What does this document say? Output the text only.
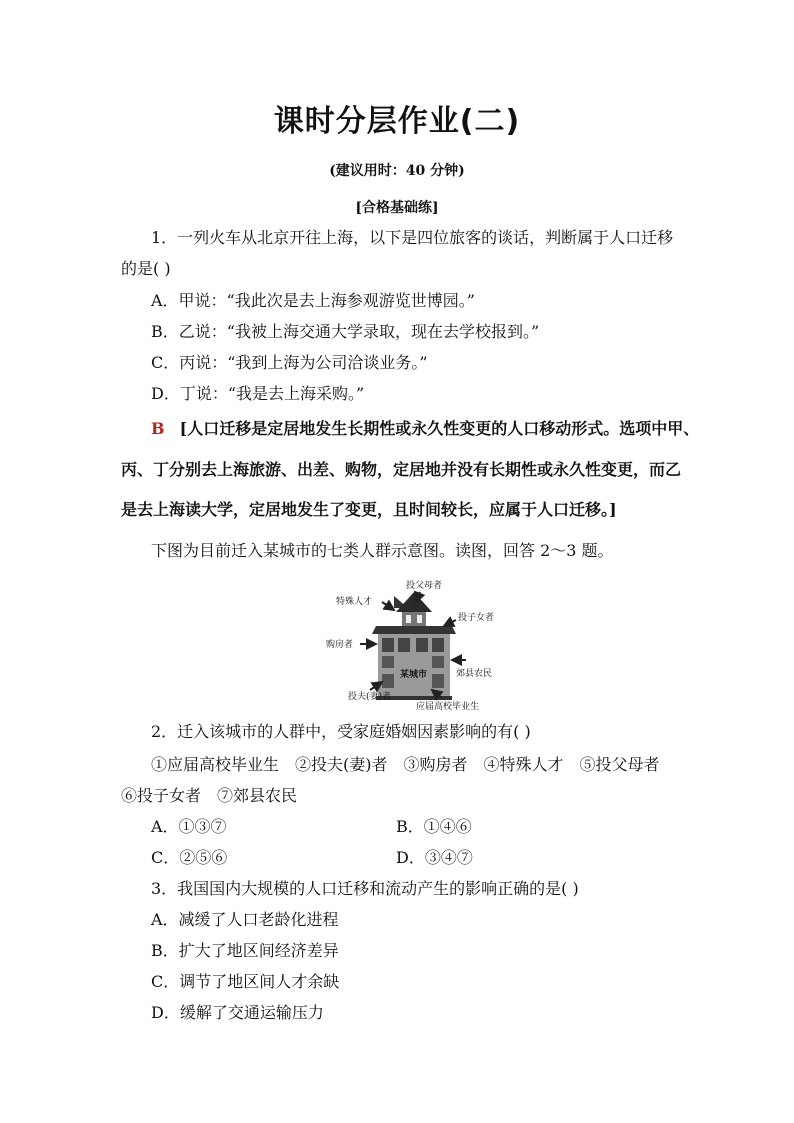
课时分层作业(二)
(建议用时：40 分钟)
[合格基础练]
1．一列火车从北京开往上海，以下是四位旅客的谈话，判断属于人口迁移
的是( )
A．甲说：“我此次是去上海参观游览世博园。”
B．乙说：“我被上海交通大学录取，现在去学校报到。”
C．丙说：“我到上海为公司洽谈业务。”
D．丁说：“我是去上海采购。”
B [人口迁移是定居地发生长期性或永久性变更的人口移动形式。选项中甲、
丙、丁分别去上海旅游、出差、购物，定居地并没有长期性或永久性变更，而乙
是去上海读大学，定居地发生了变更，且时间较长，应属于人口迁移。]
下图为目前迁入某城市的七类人群示意图。读图，回答 2～3 题。
投父母者
特殊人才
投子女者
购房者
某城市	郊县农民
投夫(妻)者
应届高校毕业生
2．迁入该城市的人群中，受家庭婚姻因素影响的有( )
①应届高校毕业生　②投夫(妻)者　③购房者　④特殊人才　⑤投父母者
⑥投子女者　⑦郊县农民
A．①③⑦	B．①④⑥
C．②⑤⑥	D．③④⑦
3．我国国内大规模的人口迁移和流动产生的影响正确的是( )
A．减缓了人口老龄化进程
B．扩大了地区间经济差异
C．调节了地区间人才余缺
D．缓解了交通运输压力
